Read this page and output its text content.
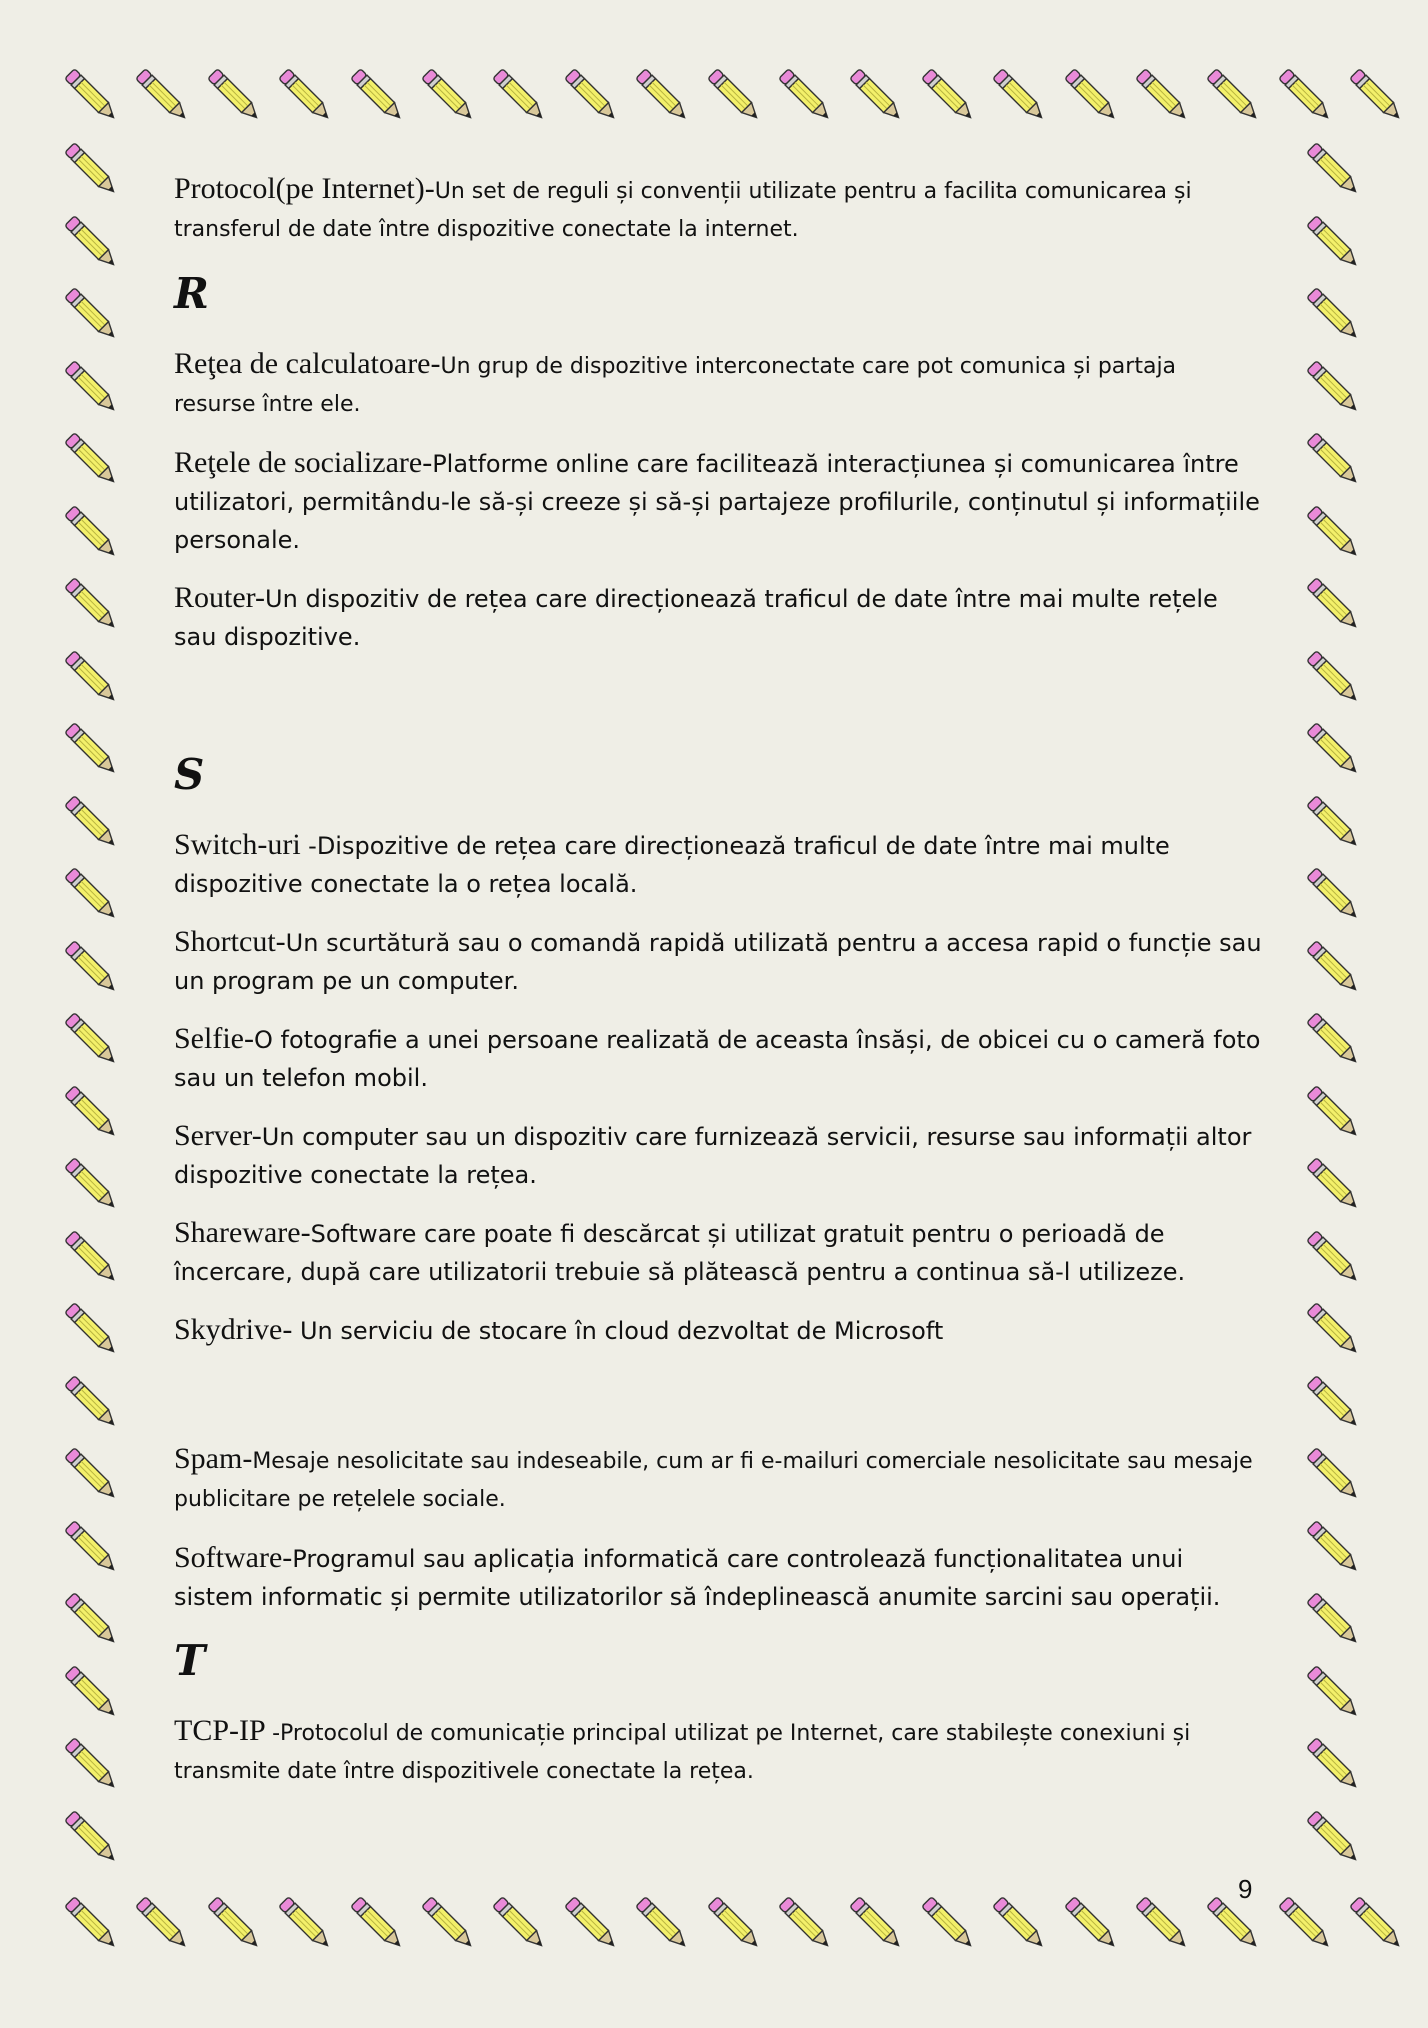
Protocol(pe Internet)-Un set de reguli și convenții utilizate pentru a facilita comunicarea și transferul de date între dispozitive conectate la internet.
R
Reţea de calculatoare-Un grup de dispozitive interconectate care pot comunica și partaja resurse între ele.
Reţele de socializare-Platforme online care facilitează interacțiunea și comunicarea între utilizatori, permitându-le să-și creeze și să-și partajeze profilurile, conținutul și informațiile personale.
Router-Un dispozitiv de rețea care direcționează traficul de date între mai multe rețele sau dispozitive.
S
Switch-uri -Dispozitive de rețea care direcționează traficul de date între mai multe dispozitive conectate la o rețea locală.
Shortcut-Un scurtătură sau o comandă rapidă utilizată pentru a accesa rapid o funcție sau un program pe un computer.
Selfie-O fotografie a unei persoane realizată de aceasta însăși, de obicei cu o cameră foto sau un telefon mobil.
Server-Un computer sau un dispozitiv care furnizează servicii, resurse sau informații altor dispozitive conectate la rețea.
Shareware-Software care poate fi descărcat și utilizat gratuit pentru o perioadă de încercare, după care utilizatorii trebuie să plătească pentru a continua să-l utilizeze.
Skydrive- Un serviciu de stocare în cloud dezvoltat de Microsoft
Spam-Mesaje nesolicitate sau indeseabile, cum ar fi e-mailuri comerciale nesolicitate sau mesaje publicitare pe rețelele sociale.
Software-Programul sau aplicația informatică care controlează funcționalitatea unui sistem informatic și permite utilizatorilor să îndeplinească anumite sarcini sau operații.
T
TCP-IP -Protocolul de comunicație principal utilizat pe Internet, care stabilește conexiuni și transmite date între dispozitivele conectate la rețea.
9
